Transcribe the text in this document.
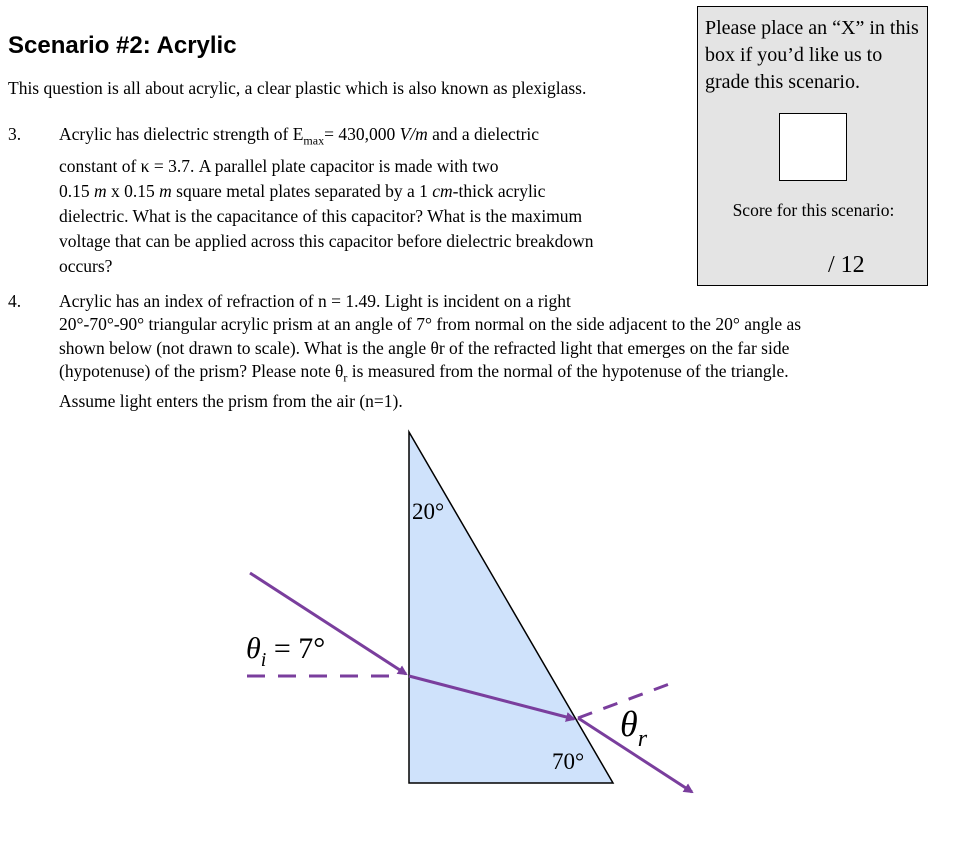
Scenario #2: Acrylic
This question is all about acrylic, a clear plastic which is also known as plexiglass.
3. Acrylic has dielectric strength of $E_{max}= 430,000$ V/m and a dielectric
constant of κ = 3.7. A parallel plate capacitor is made with two
0.15 m x 0.15 m square metal plates separated by a 1 cm-thick acrylic
dielectric. What is the capacitance of this capacitor? What is the maximum
voltage that can be applied across this capacitor before dielectric breakdown
occurs?
4. Acrylic has an index of refraction of n = 1.49. Light is incident on a right
20°-70°-90° triangular acrylic prism at an angle of 7° from normal on the side adjacent to the 20° angle as
shown below (not drawn to scale). What is the angle θr of the refracted light that emerges on the far side
(hypotenuse) of the prism? Please note $\theta_r$ is measured from the normal of the hypotenuse of the triangle.
Assume light enters the prism from the air (n=1).
Please place an “X” in this box if you’d like us to grade this scenario.
Score for this scenario:
/ 12
20°
70°
$\theta_i = 7^\circ$
$\theta_r$
